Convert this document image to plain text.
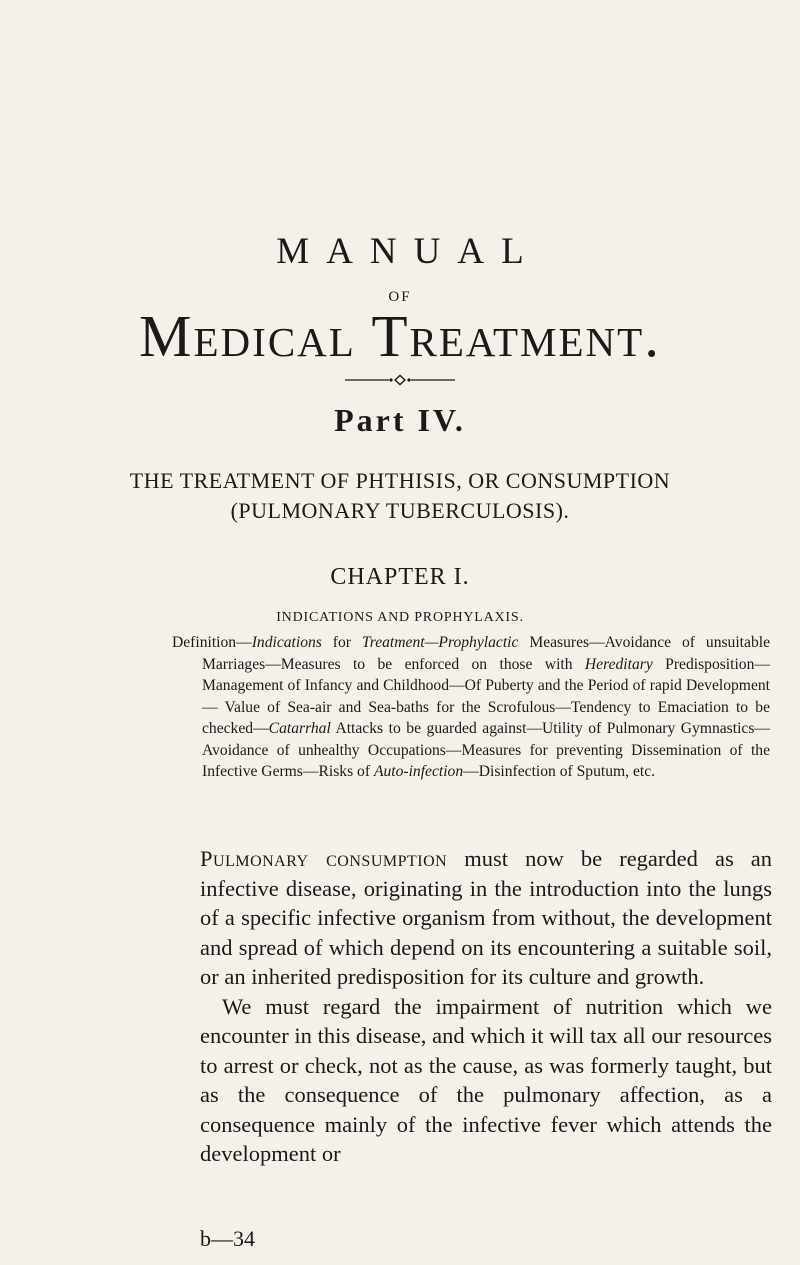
MANUAL
OF
Medical Treatment.
Part IV.
THE TREATMENT OF PHTHISIS, OR CONSUMPTION
(PULMONARY TUBERCULOSIS).
CHAPTER I.
INDICATIONS AND PROPHYLAXIS.
Definition—Indications for Treatment—Prophylactic Measures—Avoidance of unsuitable Marriages—Measures to be enforced on those with Hereditary Predisposition—Management of Infancy and Childhood—Of Puberty and the Period of rapid Development — Value of Sea-air and Sea-baths for the Scrofulous—Tendency to Emaciation to be checked—Catarrhal Attacks to be guarded against—Utility of Pulmonary Gymnastics—Avoidance of unhealthy Occupations—Measures for preventing Dissemination of the Infective Germs—Risks of Auto-infection—Disinfection of Sputum, etc.

Pulmonary consumption must now be regarded as an infective disease, originating in the introduction into the lungs of a specific infective organism from without, the development and spread of which depend on its encountering a suitable soil, or an inherited predisposition for its culture and growth.

We must regard the impairment of nutrition which we encounter in this disease, and which it will tax all our resources to arrest or check, not as the cause, as was formerly taught, but as the consequence of the pulmonary affection, as a consequence mainly of the infective fever which attends the development or

b—34
